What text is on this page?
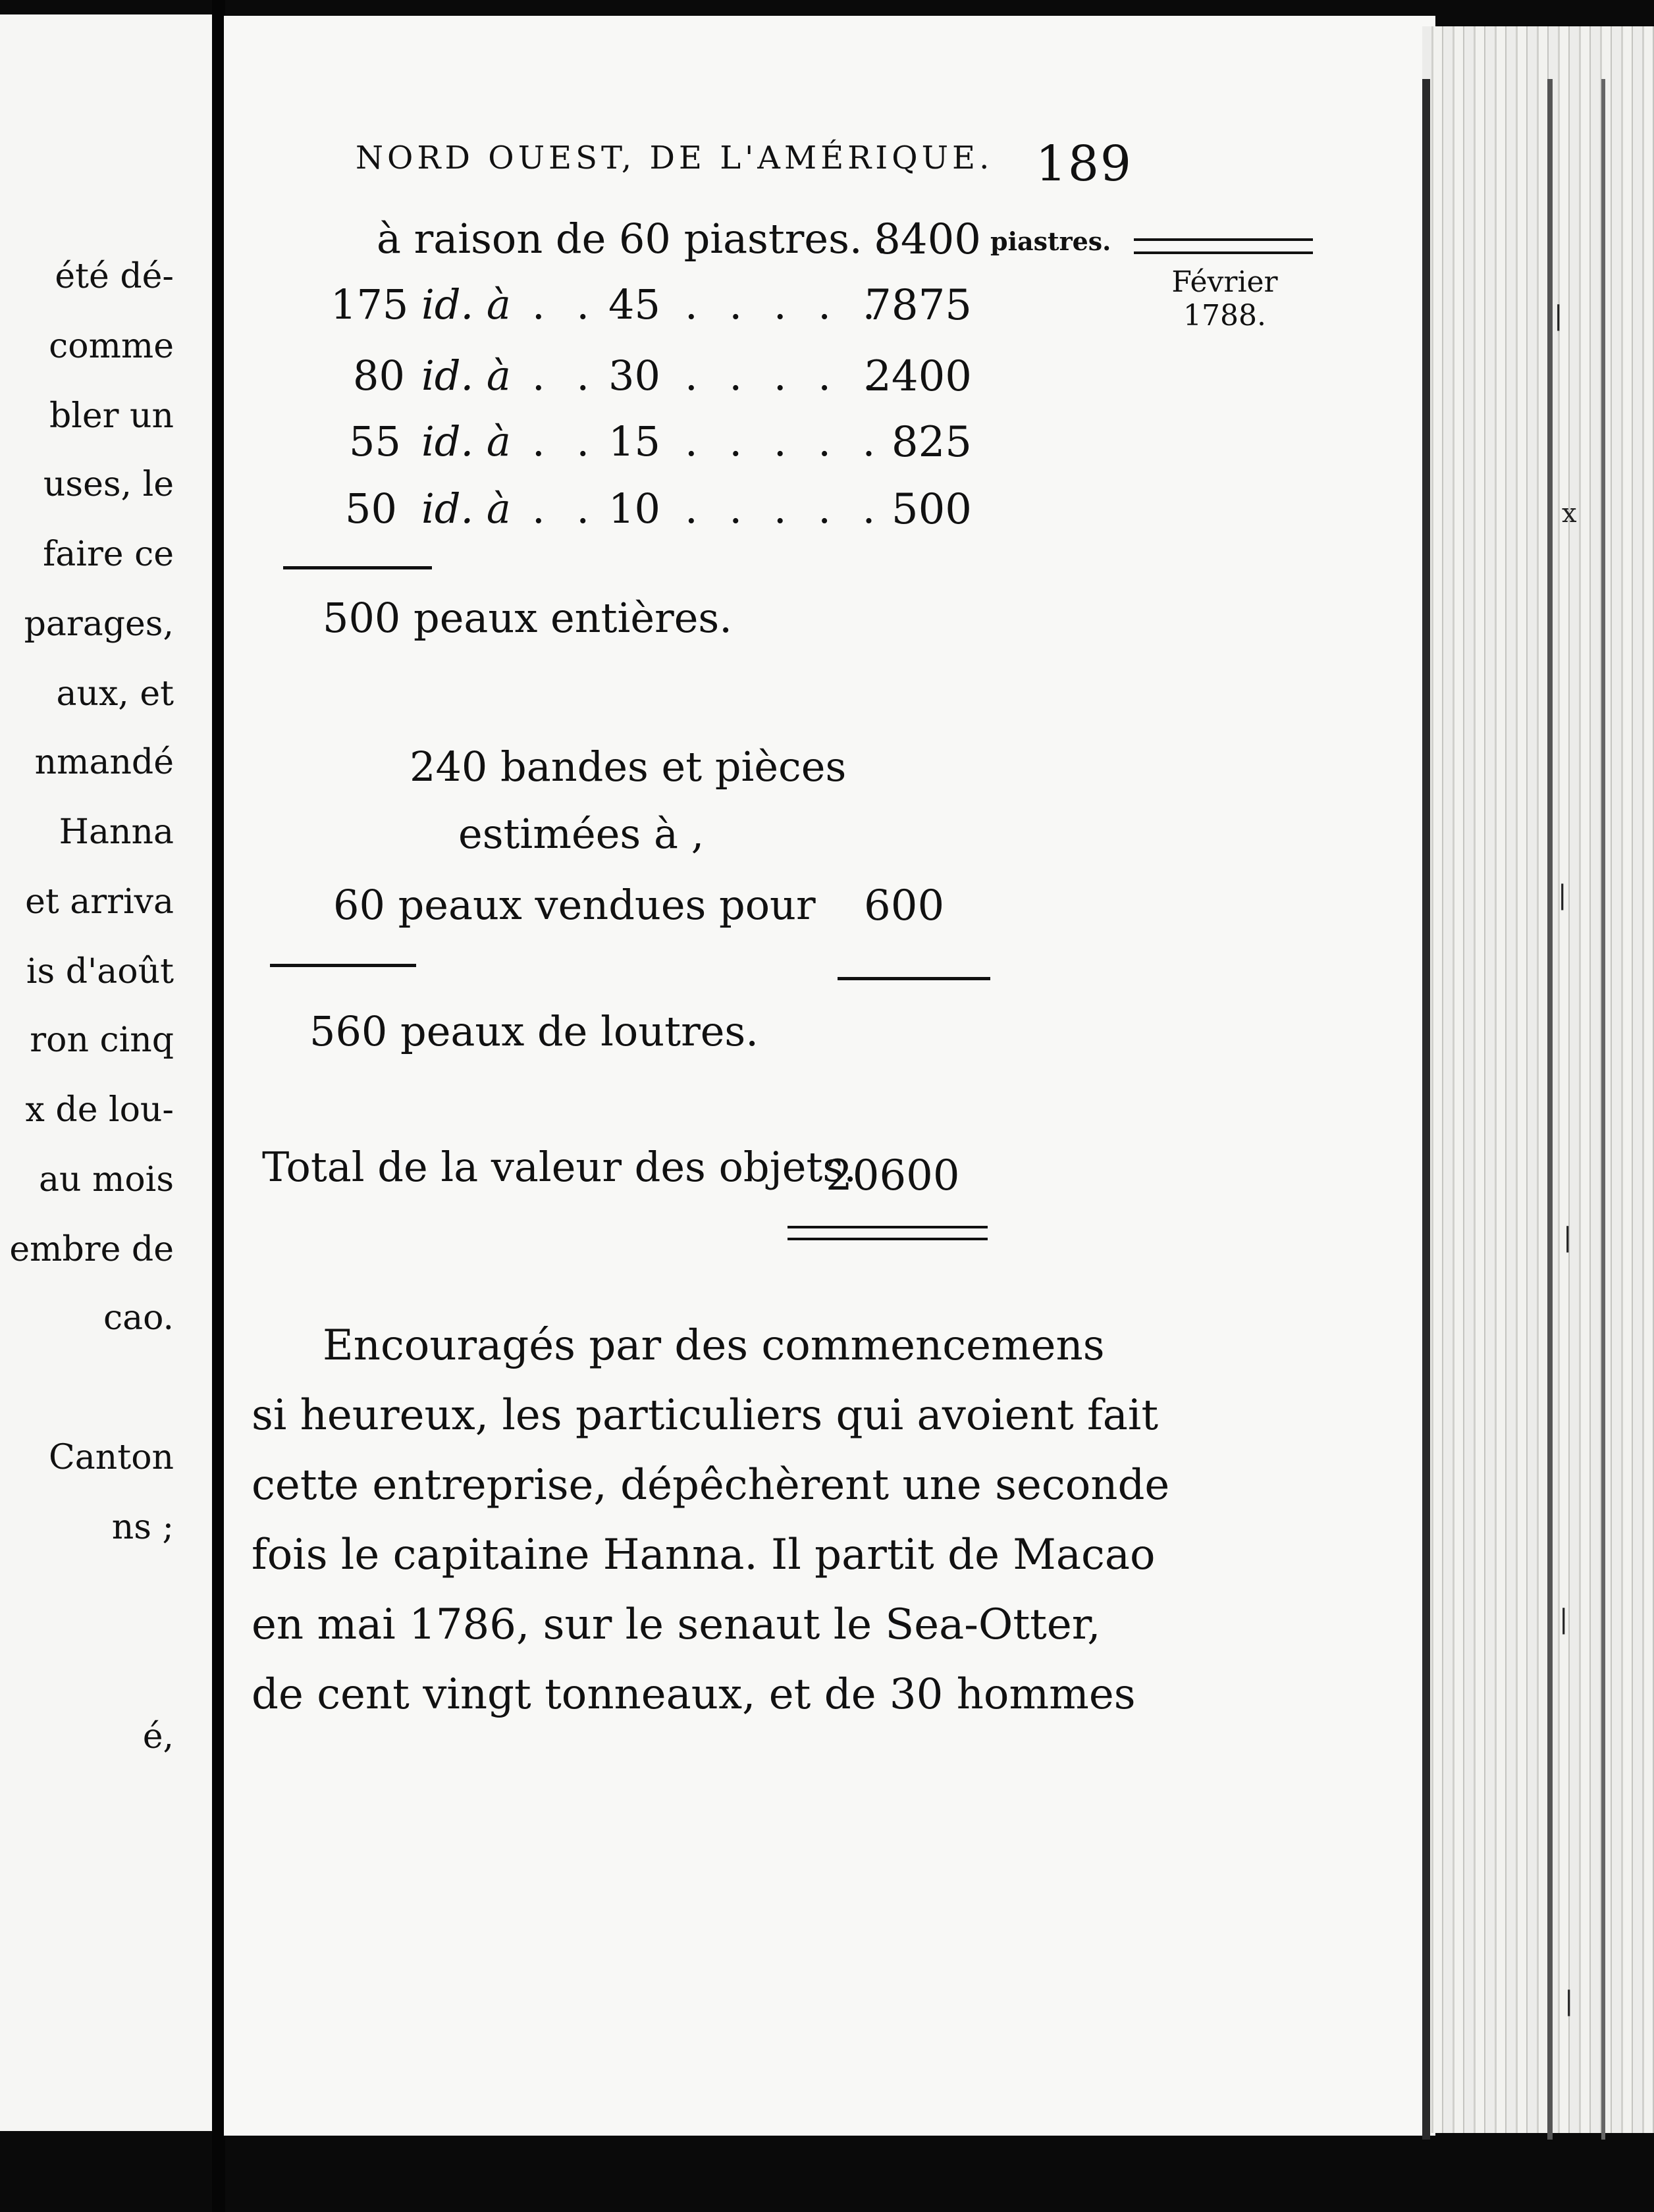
été dé-
comme
bler un
uses, le
faire ce
parages,
aux, et
nmandé
Hanna
et arriva
is d'août
ron cinq
x de lou-
au mois
embre de
cao.
Canton
ns ;
é,
|
x
|
|
|
|
NORD OUEST, DE L'AMÉRIQUE. 189
Février
1788.
à raison de 60 piastres. .
8400 piastres.
175 id. à . . 45 . . . . .
7875
80 id. à . . 30 . . . . .
2400
55 id. à . . 15 . . . . . 825
50 id. à . . 10 . . . . . 500
500 peaux entières.
240 bandes et pièces
estimées à ,
60 peaux vendues pour 600
560 peaux de loutres.
Total de la valeur des objets.
20600
Encouragés par des commencemens
si heureux, les particuliers qui avoient fait
cette entreprise, dépêchèrent une seconde
fois le capitaine Hanna. Il partit de Macao
en mai 1786, sur le senaut le Sea-Otter,
de cent vingt tonneaux, et de 30 hommes
